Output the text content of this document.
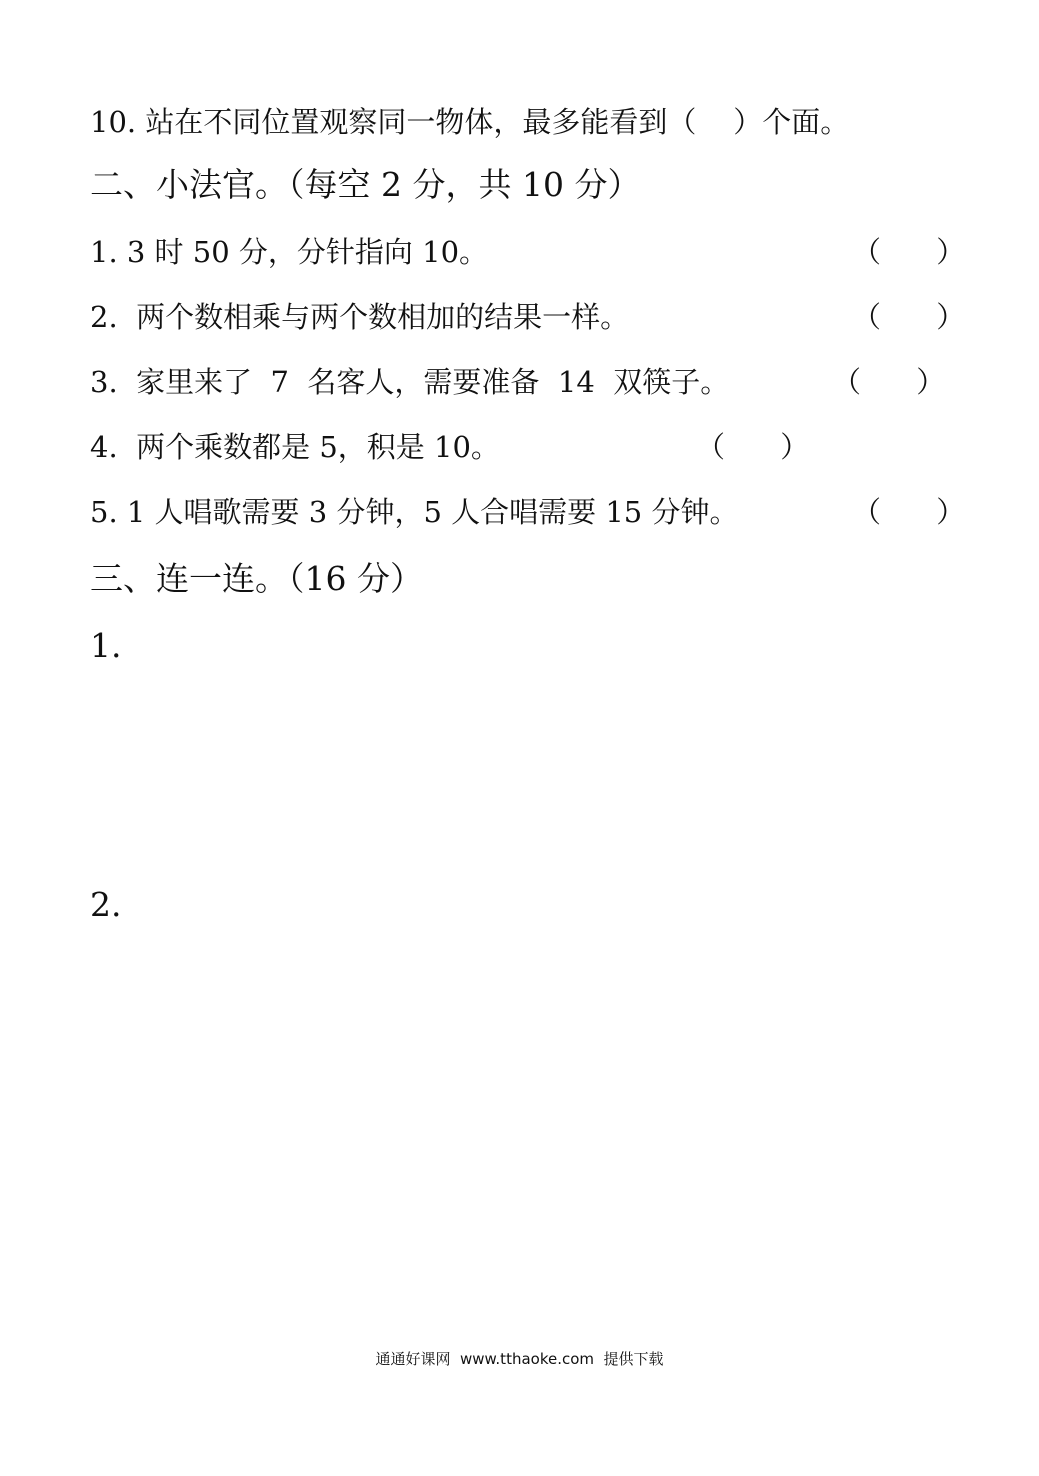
10. 站在不同位置观察同一物体，最多能看到（    ）个面。
二、小法官。（每空 2 分，共 10 分）
1. 3 时 50 分，分针指向 10。	（      ）
2.  两个数相乘与两个数相加的结果一样。	（      ）
3.  家里来了  7  名客人，需要准备  14  双筷子。	（      ）
4.  两个乘数都是 5，积是 10。	（      ）
5. 1 人唱歌需要 3 分钟，5 人合唱需要 15 分钟。	（      ）
三、连一连。（16 分）
1.
2.
通通好课网  www.tthaoke.com  提供下载
